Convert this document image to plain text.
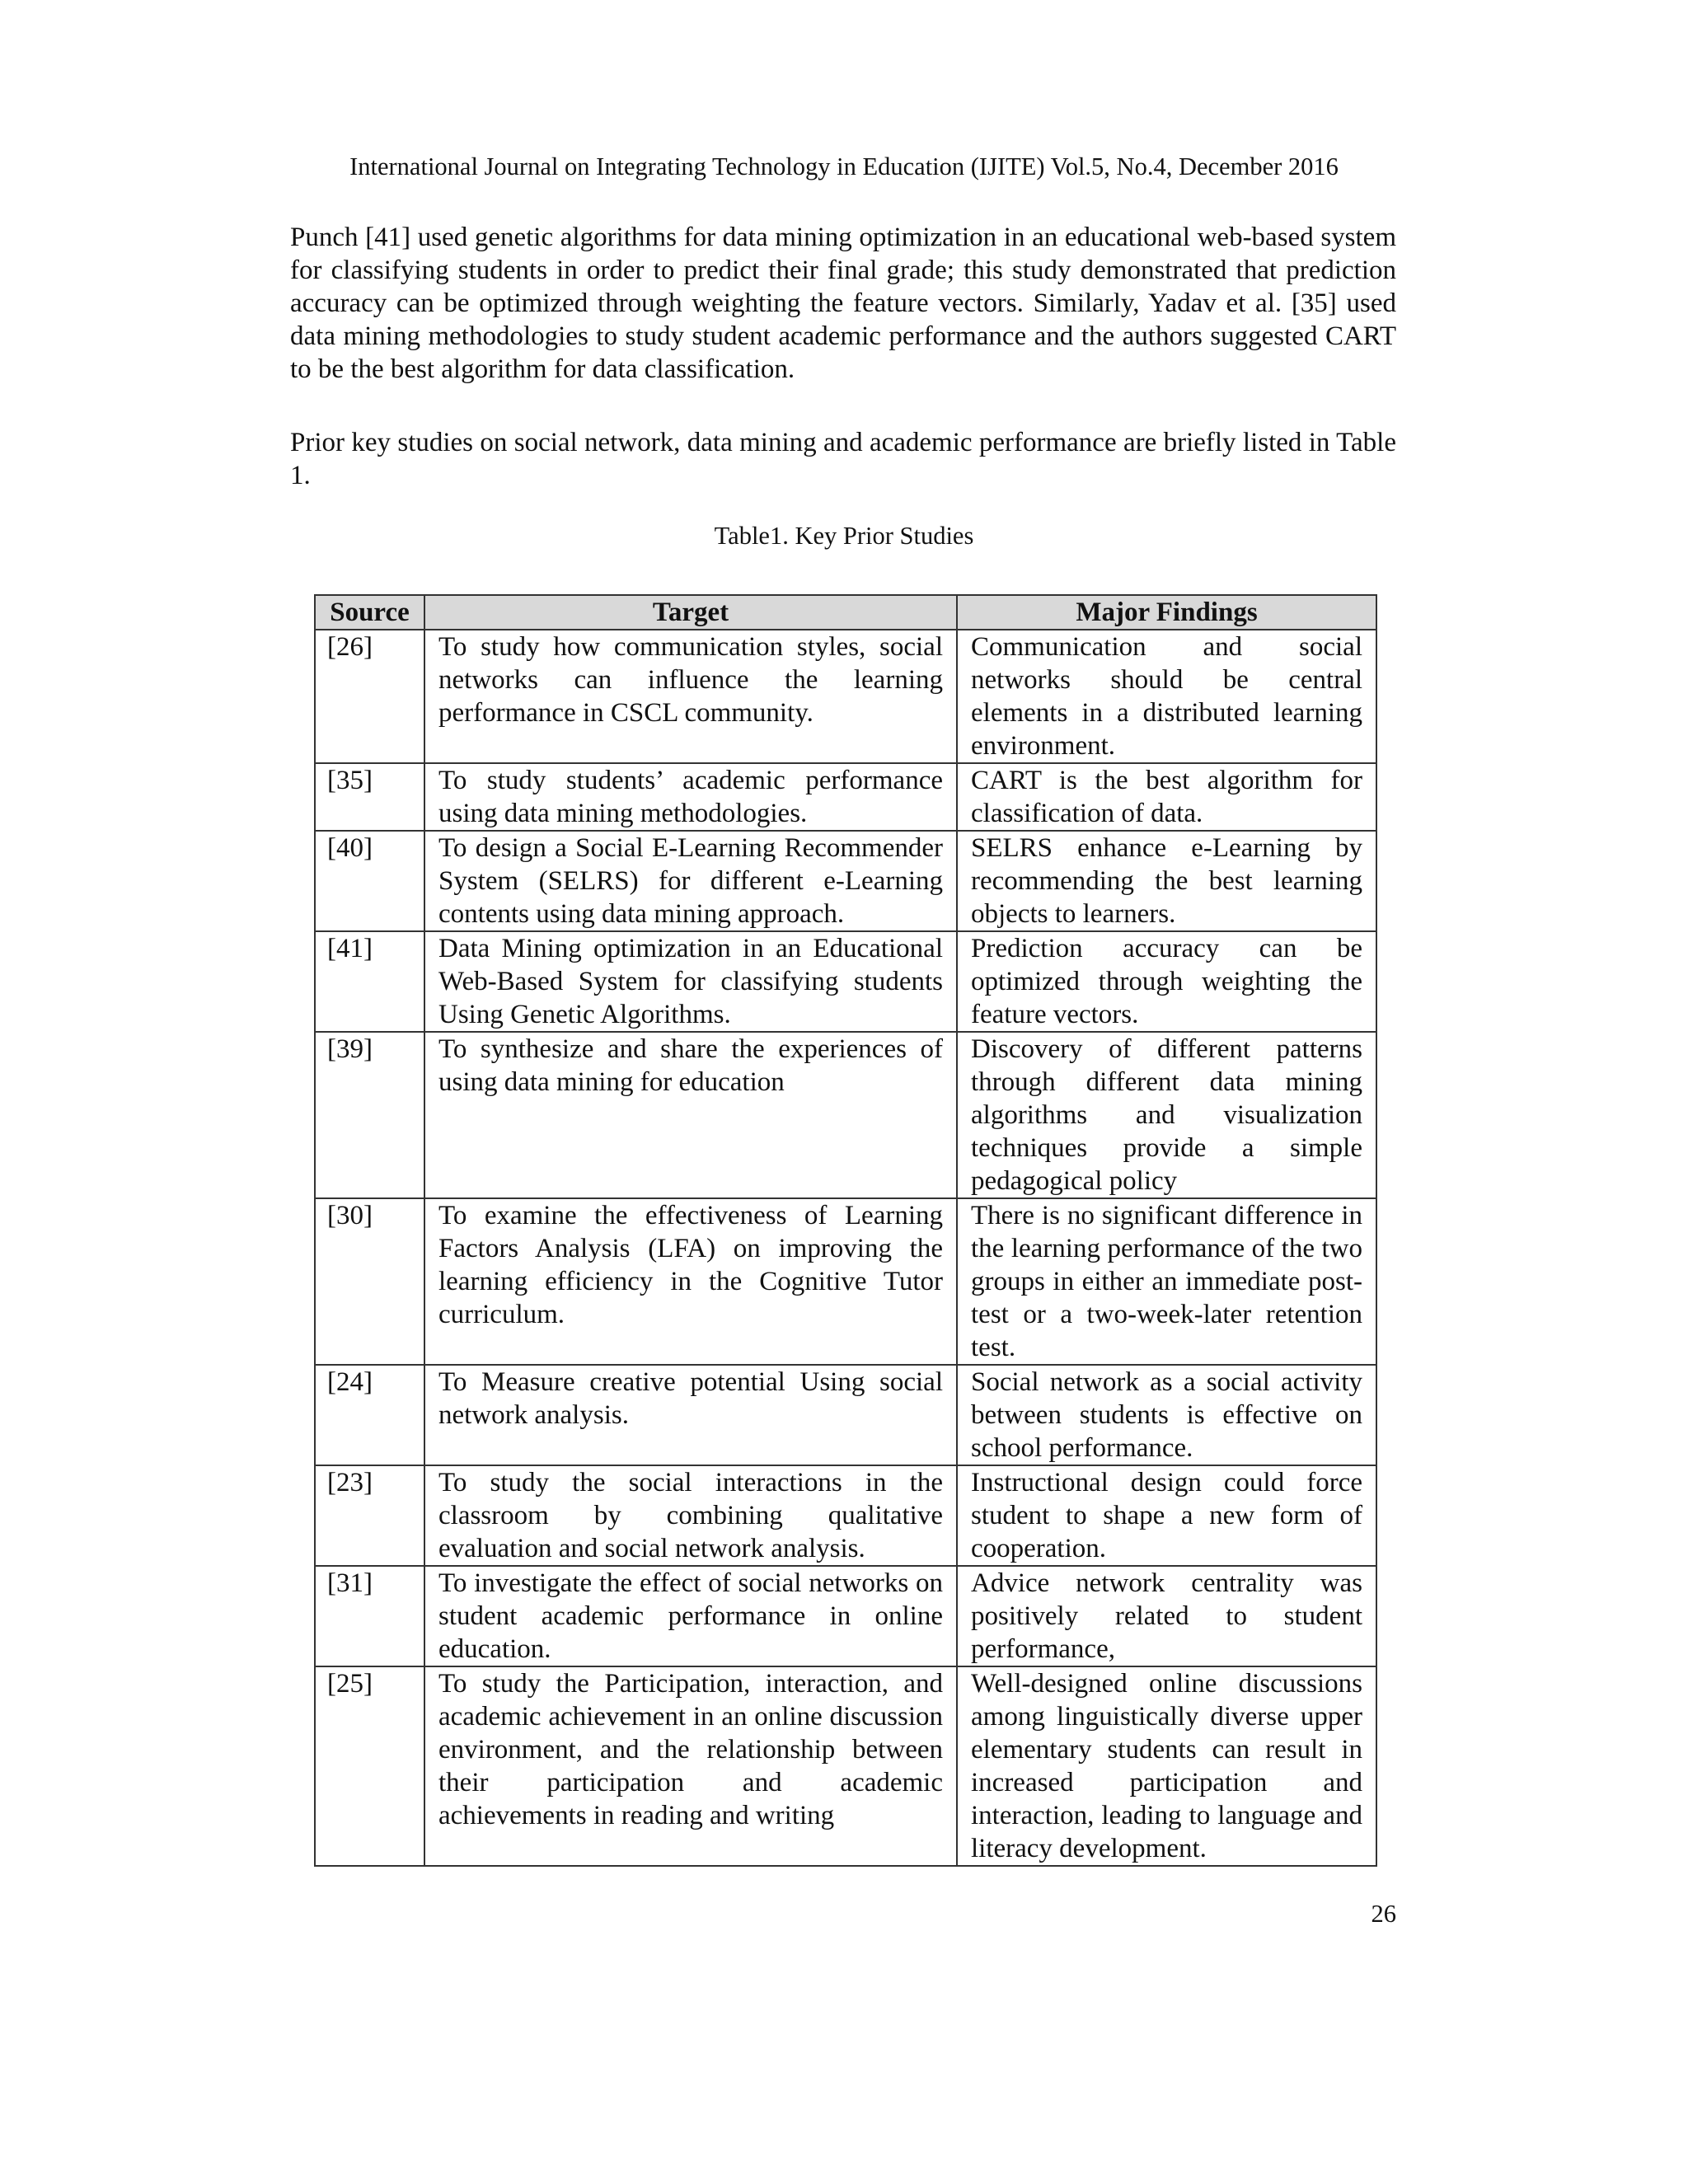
International Journal on Integrating Technology in Education (IJITE) Vol.5, No.4, December 2016

Punch [41] used genetic algorithms for data mining optimization in an educational web-based system for classifying students in order to predict their final grade; this study demonstrated that prediction accuracy can be optimized through weighting the feature vectors. Similarly, Yadav et al. [35] used data mining methodologies to study student academic performance and the authors suggested CART to be the best algorithm for data classification.

Prior key studies on social network, data mining and academic performance are briefly listed in Table 1.

Table1. Key Prior Studies
Source	Target	Major Findings
[26]	To study how communication styles, social networks can influence the learning performance in CSCL community.	Communication and social networks should be central elements in a distributed learning environment.
[35]	To study students’ academic performance using data mining methodologies.	CART is the best algorithm for classification of data.
[40]	To design a Social E-Learning Recommender System (SELRS) for different e-Learning contents using data mining approach.	SELRS enhance e-Learning by recommending the best learning objects to learners.
[41]	Data Mining optimization in an Educational Web-Based System for classifying students Using Genetic Algorithms.	Prediction accuracy can be optimized through weighting the feature vectors.
[39]	To synthesize and share the experiences of using data mining for education	Discovery of different patterns through different data mining algorithms and visualization techniques provide a simple pedagogical policy
[30]	To examine the effectiveness of Learning Factors Analysis (LFA) on improving the learning efficiency in the Cognitive Tutor curriculum.	There is no significant difference in the learning performance of the two groups in either an immediate post-test or a two-week-later retention test.
[24]	To Measure creative potential Using social network analysis.	Social network as a social activity between students is effective on school performance.
[23]	To study the social interactions in the classroom by combining qualitative evaluation and social network analysis.	Instructional design could force student to shape a new form of cooperation.
[31]	To investigate the effect of social networks on student academic performance in online education.	Advice network centrality was positively related to student performance,
[25]	To study the Participation, interaction, and academic achievement in an online discussion environment, and the relationship between their participation and academic achievements in reading and writing	Well-designed online discussions among linguistically diverse upper elementary students can result in increased participation and interaction, leading to language and literacy development.
26
